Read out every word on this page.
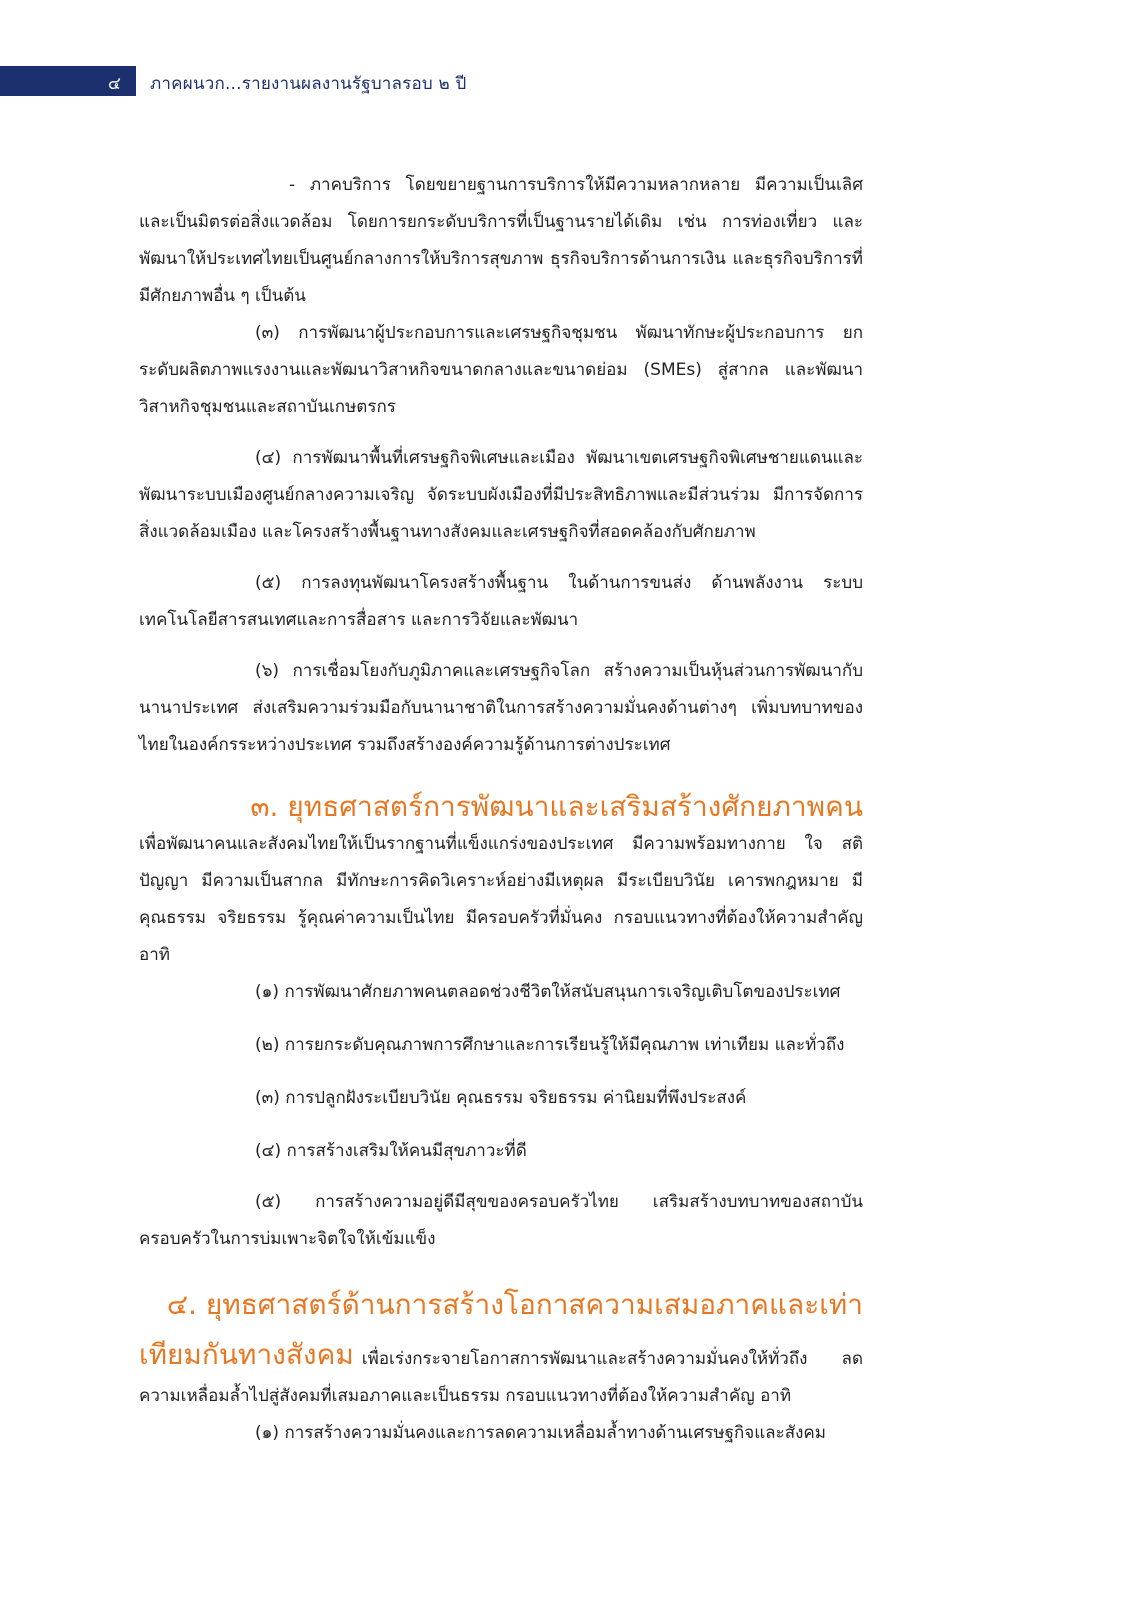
๔ ภาคผนวก...รายงานผลงานรัฐบาลรอบ ๒ ปี

- ภาคบริการ โดยขยายฐานการบริการให้มีความหลากหลาย มีความเป็นเลิศและเป็นมิตรต่อสิ่งแวดล้อม โดยการยกระดับบริการที่เป็นฐานรายได้เดิม เช่น การท่องเที่ยว และพัฒนาให้ประเทศไทยเป็นศูนย์กลางการให้บริการสุขภาพ ธุรกิจบริการด้านการเงิน และธุรกิจบริการที่มีศักยภาพอื่น ๆ เป็นต้น

(๓) การพัฒนาผู้ประกอบการและเศรษฐกิจชุมชน พัฒนาทักษะผู้ประกอบการ ยกระดับผลิตภาพแรงงานและพัฒนาวิสาหกิจขนาดกลางและขนาดย่อม (SMEs) สู่สากล และพัฒนาวิสาหกิจชุมชนและสถาบันเกษตรกร

(๔) การพัฒนาพื้นที่เศรษฐกิจพิเศษและเมือง พัฒนาเขตเศรษฐกิจพิเศษชายแดนและพัฒนาระบบเมืองศูนย์กลางความเจริญ จัดระบบผังเมืองที่มีประสิทธิภาพและมีส่วนร่วม มีการจัดการสิ่งแวดล้อมเมือง และโครงสร้างพื้นฐานทางสังคมและเศรษฐกิจที่สอดคล้องกับศักยภาพ

(๕) การลงทุนพัฒนาโครงสร้างพื้นฐาน ในด้านการขนส่ง ด้านพลังงาน ระบบเทคโนโลยีสารสนเทศและการสื่อสาร และการวิจัยและพัฒนา

(๖) การเชื่อมโยงกับภูมิภาคและเศรษฐกิจโลก สร้างความเป็นหุ้นส่วนการพัฒนากับนานาประเทศ ส่งเสริมความร่วมมือกับนานาชาติในการสร้างความมั่นคงด้านต่างๆ เพิ่มบทบาทของไทยในองค์กรระหว่างประเทศ รวมถึงสร้างองค์ความรู้ด้านการต่างประเทศ

๓. ยุทธศาสตร์การพัฒนาและเสริมสร้างศักยภาพคน

เพื่อพัฒนาคนและสังคมไทยให้เป็นรากฐานที่แข็งแกร่งของประเทศ มีความพร้อมทางกาย ใจ สติปัญญา มีความเป็นสากล มีทักษะการคิดวิเคราะห์อย่างมีเหตุผล มีระเบียบวินัย เคารพกฎหมาย มีคุณธรรม จริยธรรม รู้คุณค่าความเป็นไทย มีครอบครัวที่มั่นคง กรอบแนวทางที่ต้องให้ความสำคัญ อาทิ

(๑) การพัฒนาศักยภาพคนตลอดช่วงชีวิตให้สนับสนุนการเจริญเติบโตของประเทศ

(๒) การยกระดับคุณภาพการศึกษาและการเรียนรู้ให้มีคุณภาพ เท่าเทียม และทั่วถึง

(๓) การปลูกฝังระเบียบวินัย คุณธรรม จริยธรรม ค่านิยมที่พึงประสงค์

(๔) การสร้างเสริมให้คนมีสุขภาวะที่ดี

(๕) การสร้างความอยู่ดีมีสุขของครอบครัวไทย เสริมสร้างบทบาทของสถาบันครอบครัวในการบ่มเพาะจิตใจให้เข้มแข็ง

๔. ยุทธศาสตร์ด้านการสร้างโอกาสความเสมอภาคและเท่า

เทียมกันทางสังคม เพื่อเร่งกระจายโอกาสการพัฒนาและสร้างความมั่นคงให้ทั่วถึง ลดความเหลื่อมล้ำไปสู่สังคมที่เสมอภาคและเป็นธรรม กรอบแนวทางที่ต้องให้ความสำคัญ อาทิ

(๑) การสร้างความมั่นคงและการลดความเหลื่อมล้ำทางด้านเศรษฐกิจและสังคม
